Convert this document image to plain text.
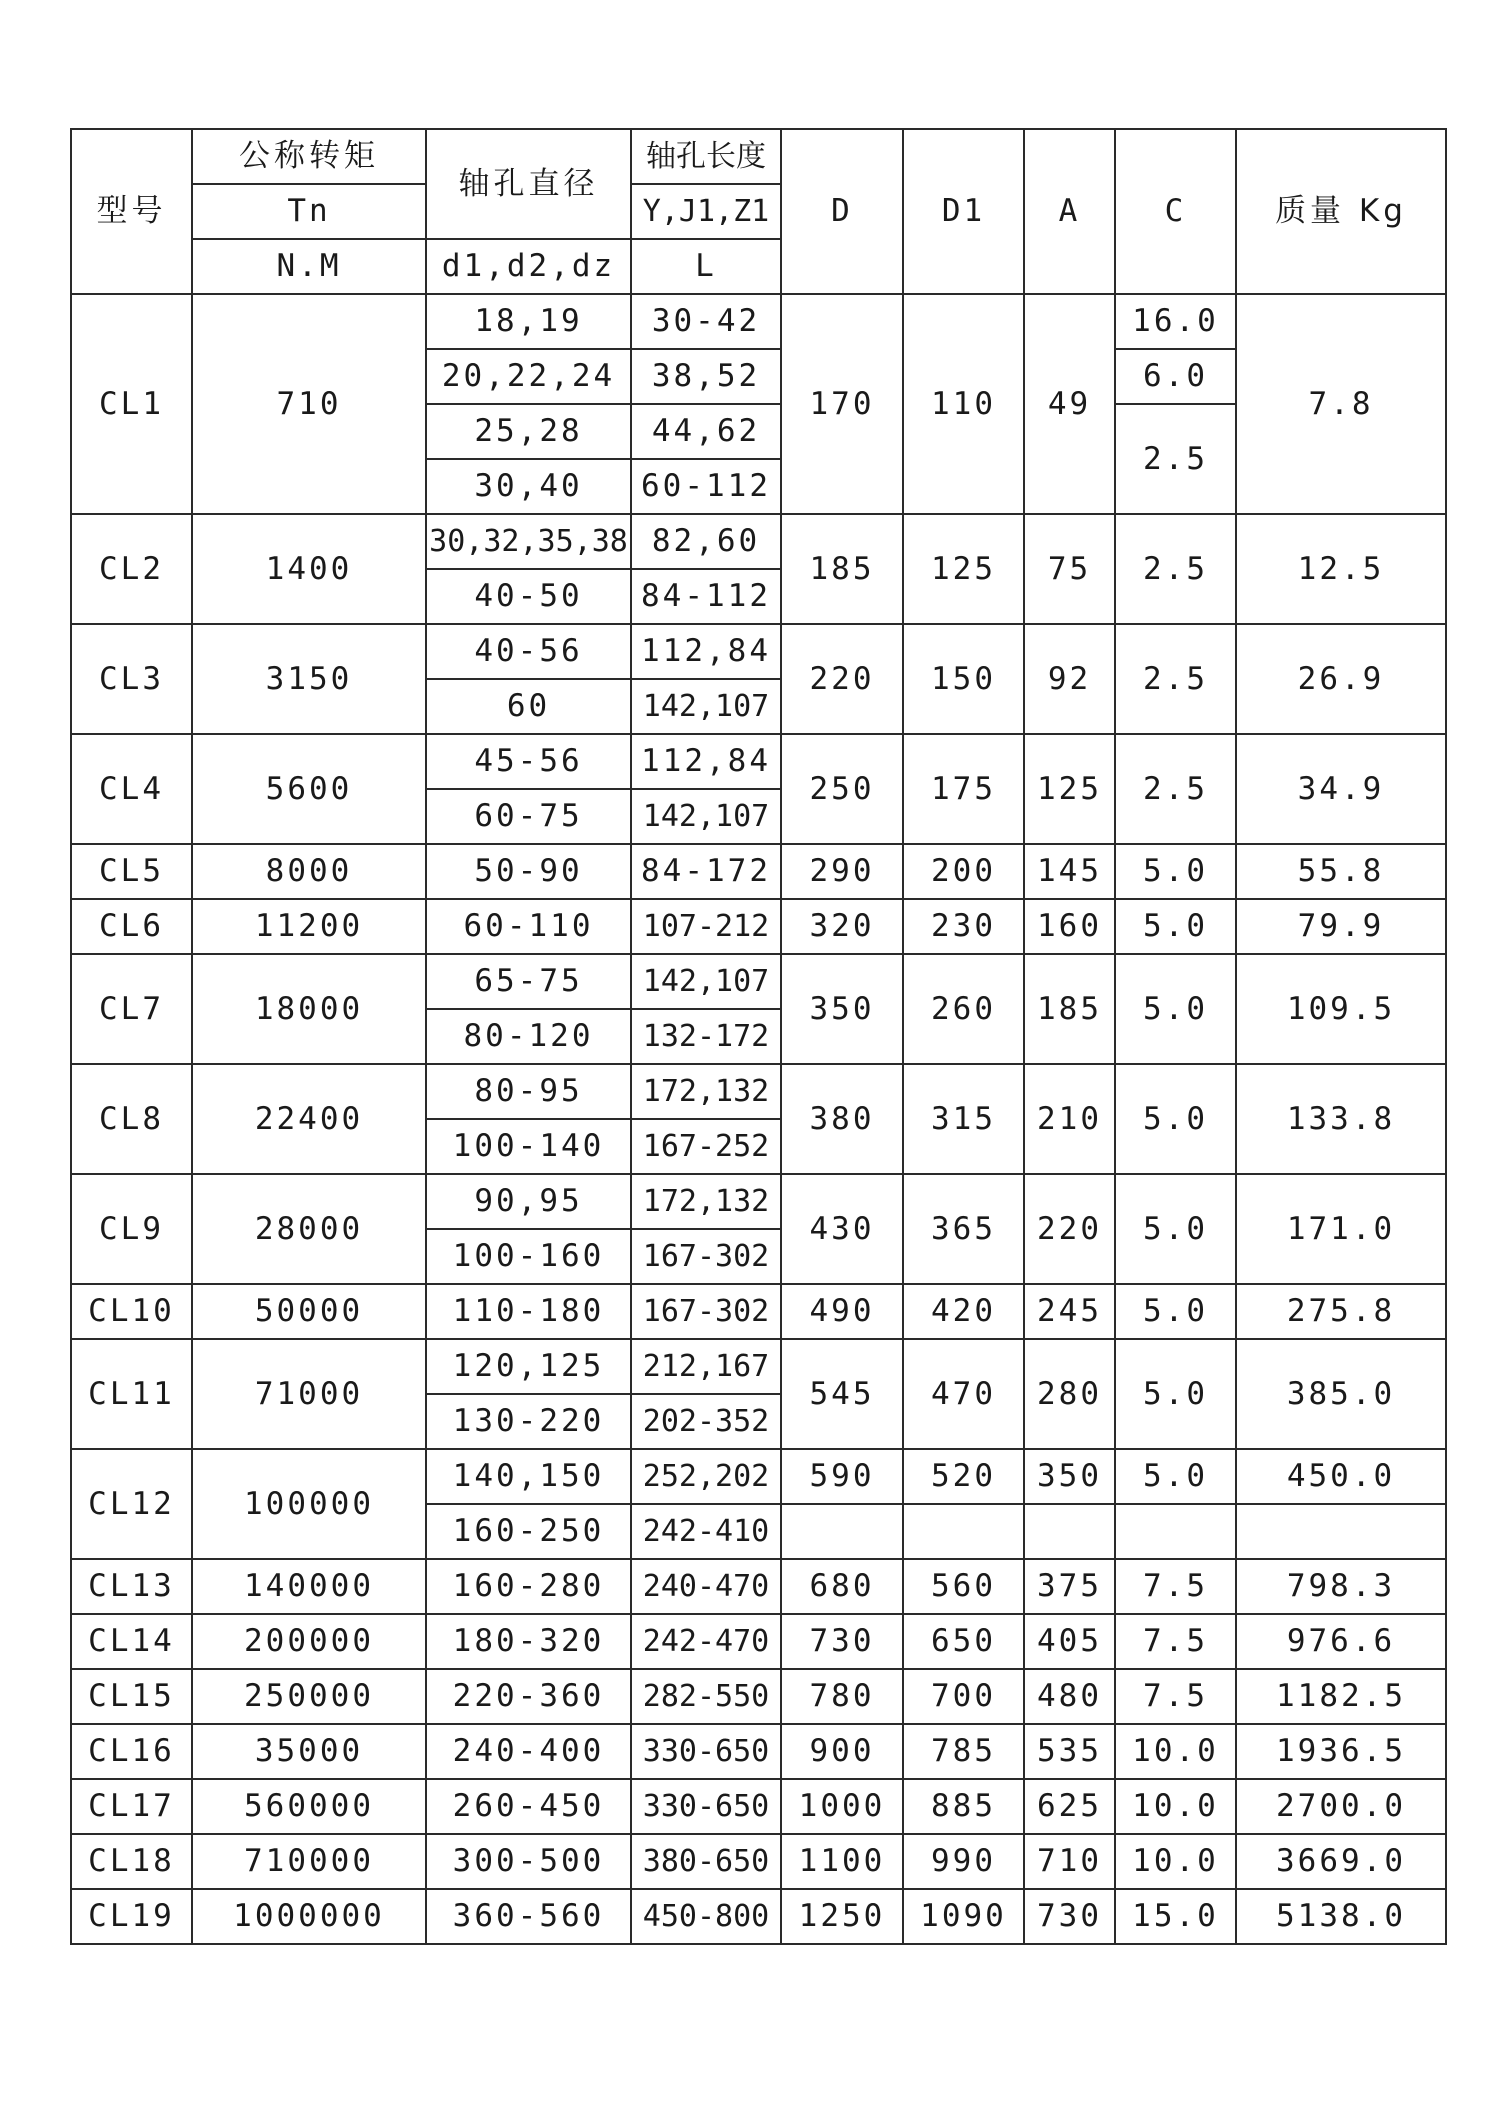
型号	公称转矩	轴孔直径	轴孔长度	D	D1	A	C	质量 Kg
	Tn		Y,J1,Z1					
	N.M	d1,d2,dz	L					
CL1	710	18,19	30-42	170	110	49	16.0	7.8
		20,22,24	38,52				6.0	
		25,28	44,62				2.5	
		30,40	60-112					
CL2	1400	30,32,35,38	82,60	185	125	75	2.5	12.5
		40-50	84-112					
CL3	3150	40-56	112,84	220	150	92	2.5	26.9
		60	142,107					
CL4	5600	45-56	112,84	250	175	125	2.5	34.9
		60-75	142,107					
CL5	8000	50-90	84-172	290	200	145	5.0	55.8
CL6	11200	60-110	107-212	320	230	160	5.0	79.9
CL7	18000	65-75	142,107	350	260	185	5.0	109.5
		80-120	132-172					
CL8	22400	80-95	172,132	380	315	210	5.0	133.8
		100-140	167-252					
CL9	28000	90,95	172,132	430	365	220	5.0	171.0
		100-160	167-302					
CL10	50000	110-180	167-302	490	420	245	5.0	275.8
CL11	71000	120,125	212,167	545	470	280	5.0	385.0
		130-220	202-352					
CL12	100000	140,150	252,202	590	520	350	5.0	450.0
		160-250	242-410					
CL13	140000	160-280	240-470	680	560	375	7.5	798.3
CL14	200000	180-320	242-470	730	650	405	7.5	976.6
CL15	250000	220-360	282-550	780	700	480	7.5	1182.5
CL16	35000	240-400	330-650	900	785	535	10.0	1936.5
CL17	560000	260-450	330-650	1000	885	625	10.0	2700.0
CL18	710000	300-500	380-650	1100	990	710	10.0	3669.0
CL19	1000000	360-560	450-800	1250	1090	730	15.0	5138.0
